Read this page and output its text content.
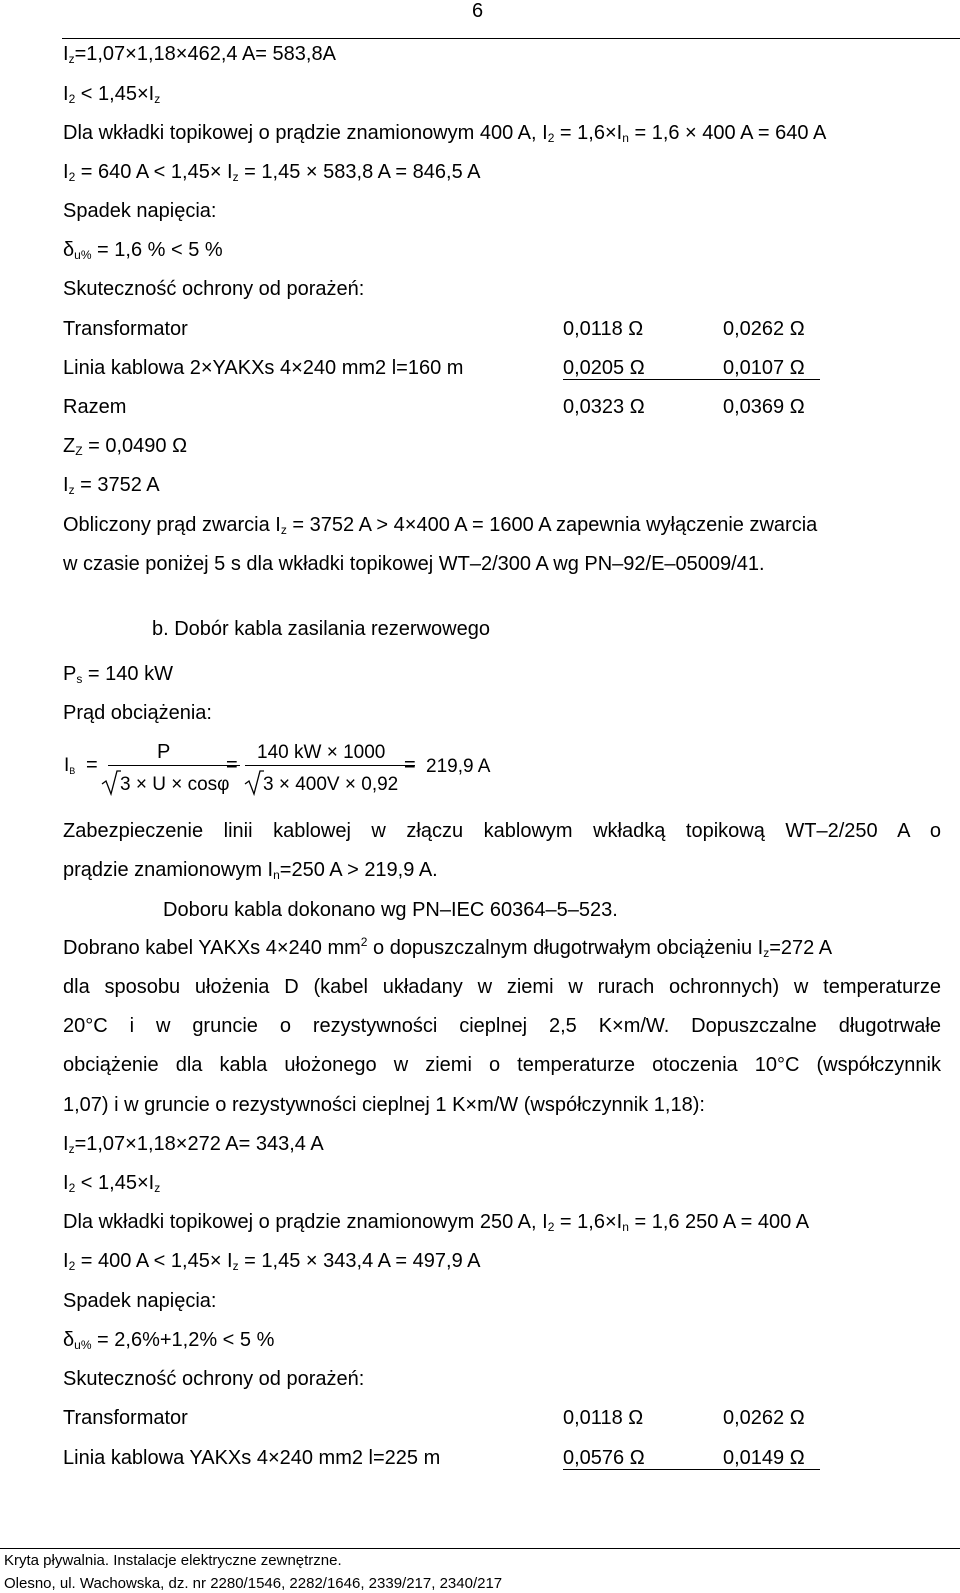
6
$I_z=1,07\times 1,18\times 462,4$ A= 583,8A
$I_2 < 1,45\times I_z$
Dla wkładki topikowej o prądzie znamionowym 400 A, $I_2 = 1,6\times I_n = 1,6 \times 400$ A = 640 A
$I_2 = 640$ $A < 1,45\times I_z = 1,45 \times 583,8$ A = 846,5 A
Spadek napięcia:
$\delta_{u\%} = 1,6$ % < 5 %
Skuteczność ochrony od porażeń:
Transformator	0,0118 Ω	0,0262 Ω
Linia kablowa 2×YAKXs 4×240 mm2 l=160 m	0,0205 Ω	0,0107 Ω
Razem	0,0323 Ω	0,0369 Ω
$Z_Z = 0,0490$ Ω
$I_z = 3752$ A
Obliczony prąd zwarcia $I_z = 3752$ A > 4×400 A = 1600 A zapewnia wyłączenie zwarcia
w czasie poniżej 5 s dla wkładki topikowej WT–2/300 A wg PN–92/E–05009/41.
b. Dobór kabla zasilania rezerwowego
$P_s = 140$ kW
Prąd obciążenia:
$I_B$ =
P
3 × U × cosφ
=
140 kW × 1000
3 × 400V × 0,92
= 219,9 A
Zabezpieczenie linii kablowej w złączu kablowym wkładką topikową WT–2/250 A o
prądzie znamionowym $I_n=250$ A > 219,9 A.
Doboru kabla dokonano wg PN–IEC 60364–5–523.
Dobrano kabel YAKXs 4×240 $mm^2$ o dopuszczalnym długotrwałym obciążeniu $I_z=272$ A
dla sposobu ułożenia D (kabel układany w ziemi w rurach ochronnych) w temperaturze
20°C i w gruncie o rezystywności cieplnej 2,5 K×m/W. Dopuszczalne długotrwałe
obciążenie dla kabla ułożonego w ziemi o temperaturze otoczenia 10°C (współczynnik
1,07) i w gruncie o rezystywności cieplnej 1 K×m/W (współczynnik 1,18):
$I_z=1,07\times 1,18\times 272$ A= 343,4 A
$I_2 < 1,45\times I_z$
Dla wkładki topikowej o prądzie znamionowym 250 A, $I_2 = 1,6\times I_n = 1,6$ 250 A = 400 A
$I_2 = 400$ $A < 1,45\times I_z = 1,45 \times 343,4$ A = 497,9 A
Spadek napięcia:
$\delta_{u\%} = 2,6\%+1,2\% < 5$ %
Skuteczność ochrony od porażeń:
Transformator	0,0118 Ω	0,0262 Ω
Linia kablowa YAKXs 4×240 mm2 l=225 m	0,0576 Ω	0,0149 Ω
Kryta pływalnia. Instalacje elektryczne zewnętrzne.
Olesno, ul. Wachowska, dz. nr 2280/1546, 2282/1646, 2339/217, 2340/217
